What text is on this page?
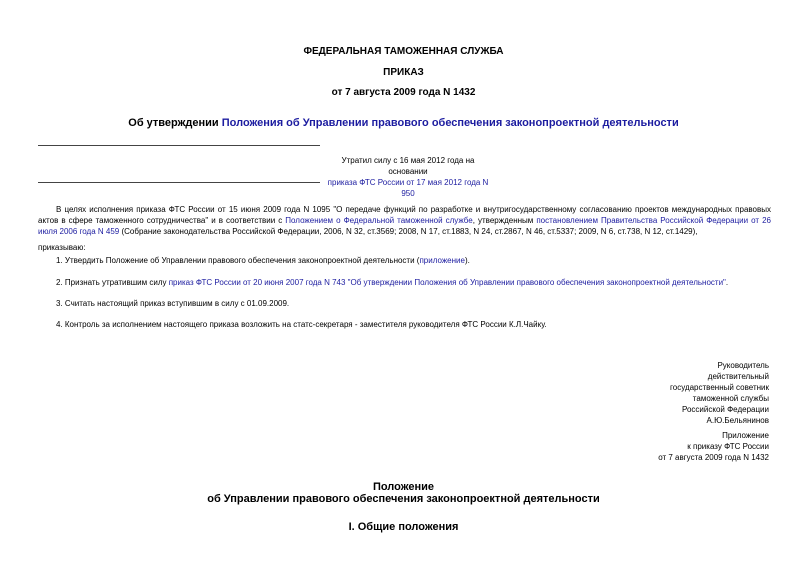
ФЕДЕРАЛЬНАЯ ТАМОЖЕННАЯ СЛУЖБА
ПРИКАЗ
от 7 августа 2009 года N 1432
Об утверждении Положения об Управлении правового обеспечения законопроектной деятельности
Утратил силу с 16 мая 2012 года на основании
приказа ФТС России от 17 мая 2012 года N 950
В целях исполнения приказа ФТС России от 15 июня 2009 года N 1095 "О передаче функций по разработке и внутригосударственному согласованию проектов международных правовых актов в сфере таможенного сотрудничества" и в соответствии с Положением о Федеральной таможенной службе, утвержденным постановлением Правительства Российской Федерации от 26 июля 2006 года N 459 (Собрание законодательства Российской Федерации, 2006, N 32, ст.3569; 2008, N 17, ст.1883, N 24, ст.2867, N 46, ст.5337; 2009, N 6, ст.738, N 12, ст.1429),
приказываю:
1. Утвердить Положение об Управлении правового обеспечения законопроектной деятельности (приложение).
2. Признать утратившим силу приказ ФТС России от 20 июня 2007 года N 743 "Об утверждении Положения об Управлении правового обеспечения законопроектной деятельности".
3. Считать настоящий приказ вступившим в силу с 01.09.2009.
4. Контроль за исполнением настоящего приказа возложить на статс-секретаря - заместителя руководителя ФТС России К.Л.Чайку.
Руководитель
действительный
государственный советник
таможенной службы
Российской Федерации
А.Ю.Бельянинов
Приложение
к приказу ФТС России
от 7 августа 2009 года N 1432
Положение
об Управлении правового обеспечения законопроектной деятельности
I. Общие положения
